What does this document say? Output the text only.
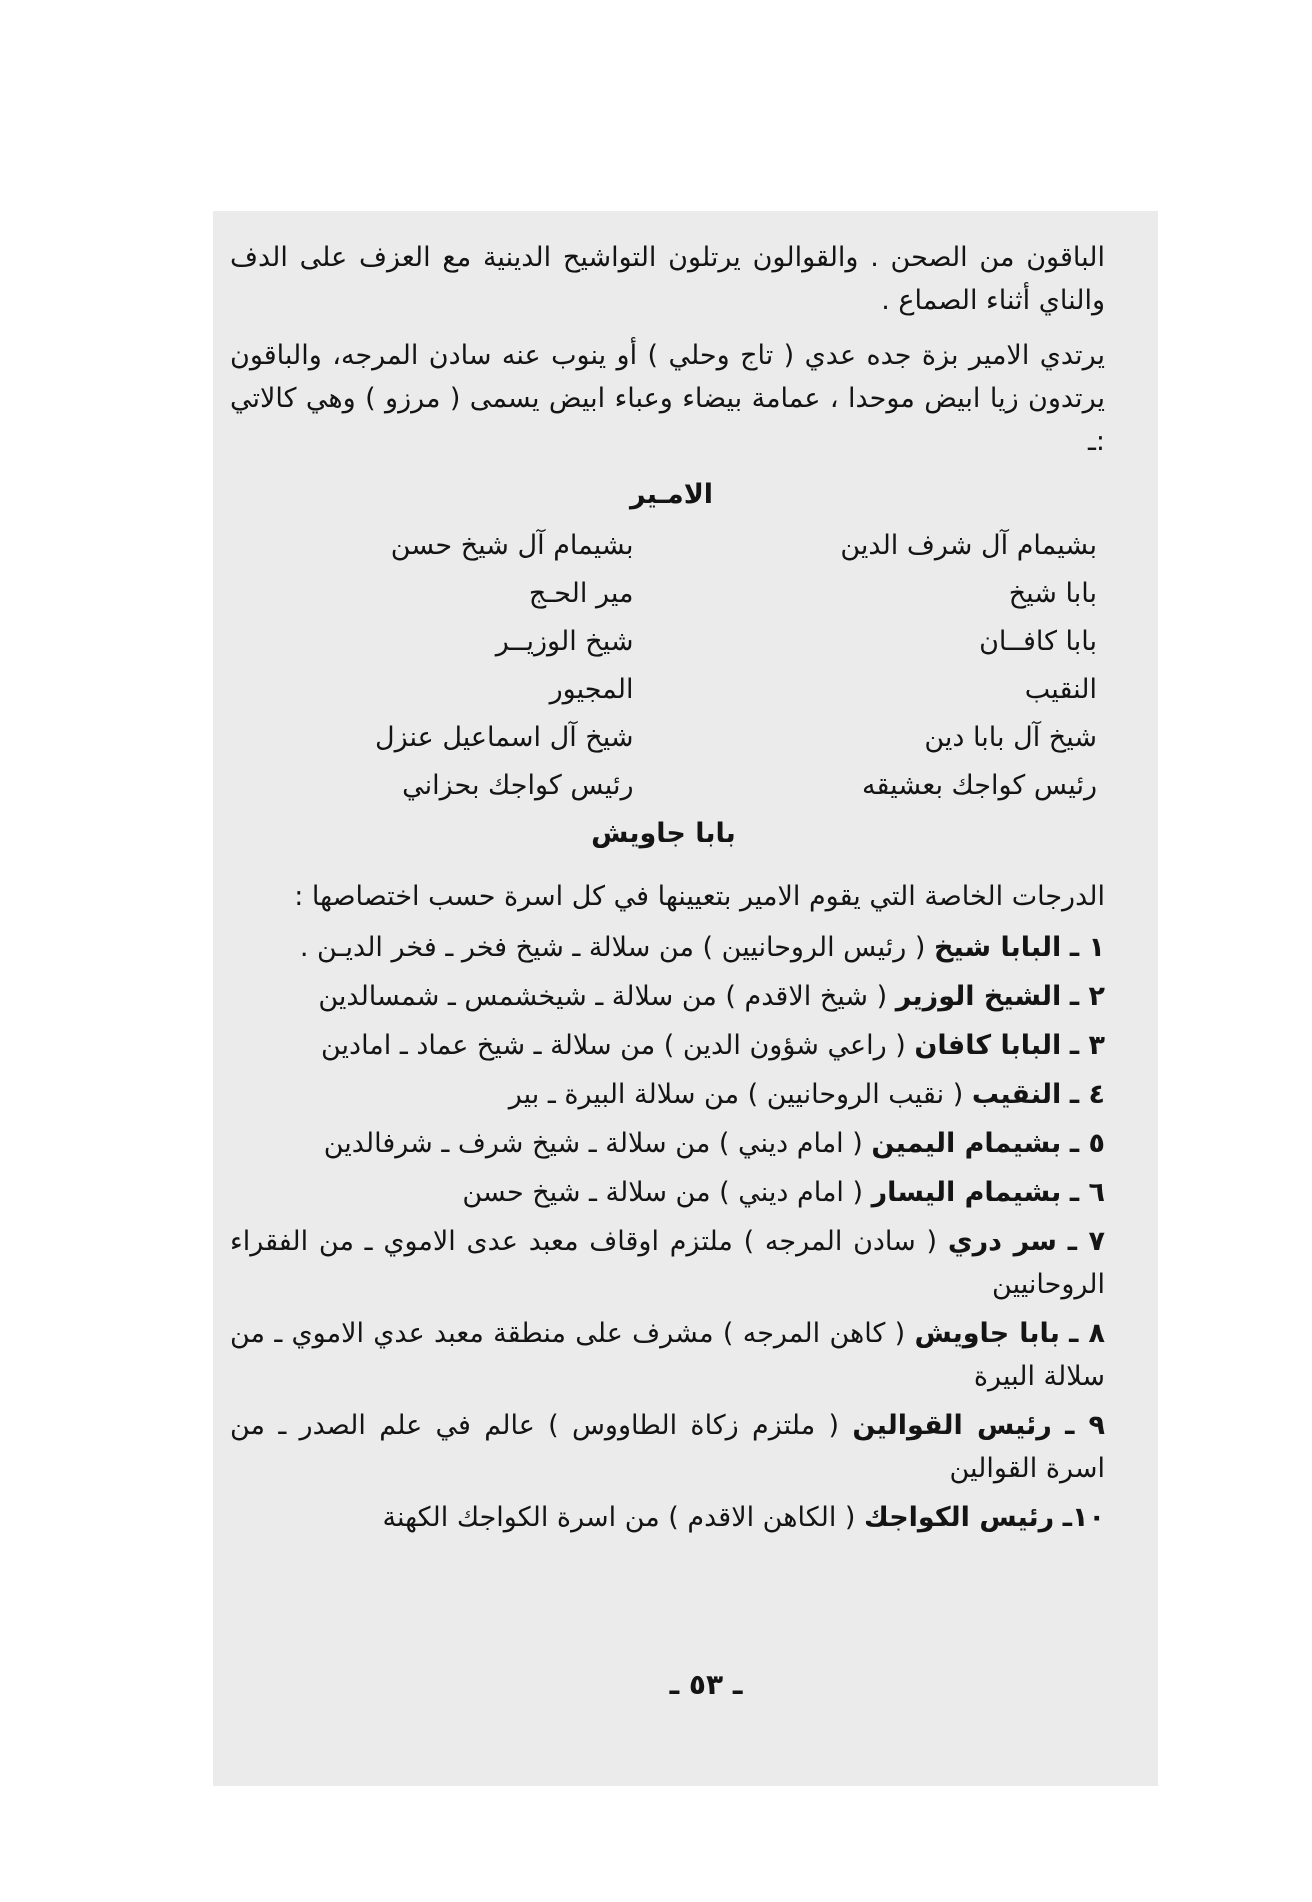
الباقون من الصحن . والقوالون يرتلون التواشيح الدينية مع العزف على الدف والناي أثناء الصماع .

يرتدي الامير بزة جده عدي ( تاج وحلي ) أو ينوب عنه سادن المرجه، والباقون يرتدون زيا ابيض موحدا ، عمامة بيضاء وعباء ابيض يسمى ( مرزو ) وهي كالاتي :ـ

الامـير
بشيمام آل شرف الدين
بشيمام آل شيخ حسن
بابا شيخ
مير الحـج
بابا كافــان
شيخ الوزيــر
النقيب
المجيور
شيخ آل بابا دين
شيخ آل اسماعيل عنزل
رئيس كواجك بعشيقه
رئيس كواجك بحزاني
بابا جاويش

الدرجات الخاصة التي يقوم الامير بتعيينها في كل اسرة حسب اختصاصها :

١ ـ البابا شيخ ( رئيس الروحانيين ) من سلالة ـ شيخ فخر ـ فخر الديـن .
٢ ـ الشيخ الوزير ( شيخ الاقدم ) من سلالة ـ شيخشمس ـ شمسالدين
٣ ـ البابا كافان ( راعي شؤون الدين ) من سلالة ـ شيخ عماد ـ امادين
٤ ـ النقيب ( نقيب الروحانيين ) من سلالة البيرة ـ بير
٥ ـ بشيمام اليمين ( امام ديني ) من سلالة ـ شيخ شرف ـ شرفالدين
٦ ـ بشيمام اليسار ( امام ديني ) من سلالة ـ شيخ حسن
٧ ـ سر دري ( سادن المرجه ) ملتزم اوقاف معبد عدى الاموي ـ من الفقراء الروحانيين
٨ ـ بابا جاويش ( كاهن المرجه ) مشرف على منطقة معبد عدي الاموي ـ من سلالة البيرة
٩ ـ رئيس القوالين ( ملتزم زكاة الطاووس ) عالم في علم الصدر ـ من اسرة القوالين
١٠ـ رئيس الكواجك ( الكاهن الاقدم ) من اسرة الكواجك الكهنة
ـ ٥٣ ـ
